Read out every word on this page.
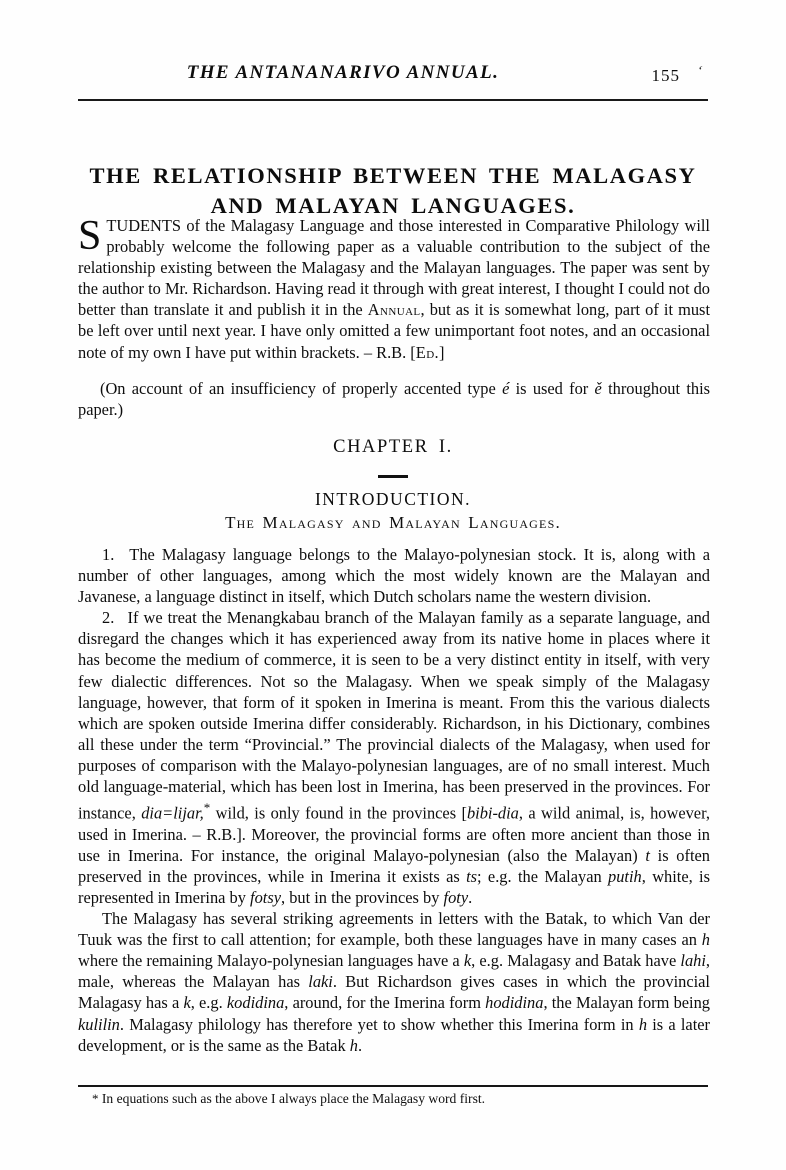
THE ANTANANARIVO ANNUAL.	155 ‘
THE RELATIONSHIP BETWEEN THE MALAGASY
AND MALAYAN LANGUAGES.

STUDENTS of the Malagasy Language and those interested in Comparative Philology will probably welcome the following paper as a valuable contribution to the subject of the relationship existing between the Malagasy and the Malayan languages. The paper was sent by the author to Mr. Richardson. Having read it through with great interest, I thought I could not do better than translate it and publish it in the Annual, but as it is somewhat long, part of it must be left over until next year. I have only omitted a few unimportant foot notes, and an occasional note of my own I have put within brackets. – R.B. [Ed.]

(On account of an insufficiency of properly accented type é is used for ě throughout this paper.)

CHAPTER I.
INTRODUCTION.
The Malagasy and Malayan Languages.

1.  The Malagasy language belongs to the Malayo-polynesian stock. It is, along with a number of other languages, among which the most widely known are the Malayan and Javanese, a language distinct in itself, which Dutch scholars name the western division.

2.  If we treat the Menangkabau branch of the Malayan family as a separate language, and disregard the changes which it has experienced away from its native home in places where it has become the medium of commerce, it is seen to be a very distinct entity in itself, with very few dialectic differences. Not so the Malagasy. When we speak simply of the Malagasy language, however, that form of it spoken in Imerina is meant. From this the various dialects which are spoken outside Imerina differ considerably. Richardson, in his Dictionary, combines all these under the term “Provincial.” The provincial dialects of the Malagasy, when used for purposes of comparison with the Malayo-polynesian languages, are of no small interest. Much old language-material, which has been lost in Imerina, has been preserved in the provinces. For instance, dia=lijar,* wild, is only found in the provinces [bibi-dia, a wild animal, is, however, used in Imerina. – R.B.]. Moreover, the provincial forms are often more ancient than those in use in Imerina. For instance, the original Malayo-polynesian (also the Malayan) t is often preserved in the provinces, while in Imerina it exists as ts; e.g. the Malayan putih, white, is represented in Imerina by fotsy, but in the provinces by foty.

The Malagasy has several striking agreements in letters with the Batak, to which Van der Tuuk was the first to call attention; for example, both these languages have in many cases an h where the remaining Malayo-polynesian languages have a k, e.g. Malagasy and Batak have lahi, male, whereas the Malayan has laki. But Richardson gives cases in which the provincial Malagasy has a k, e.g. kodidina, around, for the Imerina form hodidina, the Malayan form being kulilin. Malagasy philology has therefore yet to show whether this Imerina form in h is a later development, or is the same as the Batak h.

* In equations such as the above I always place the Malagasy word first.
